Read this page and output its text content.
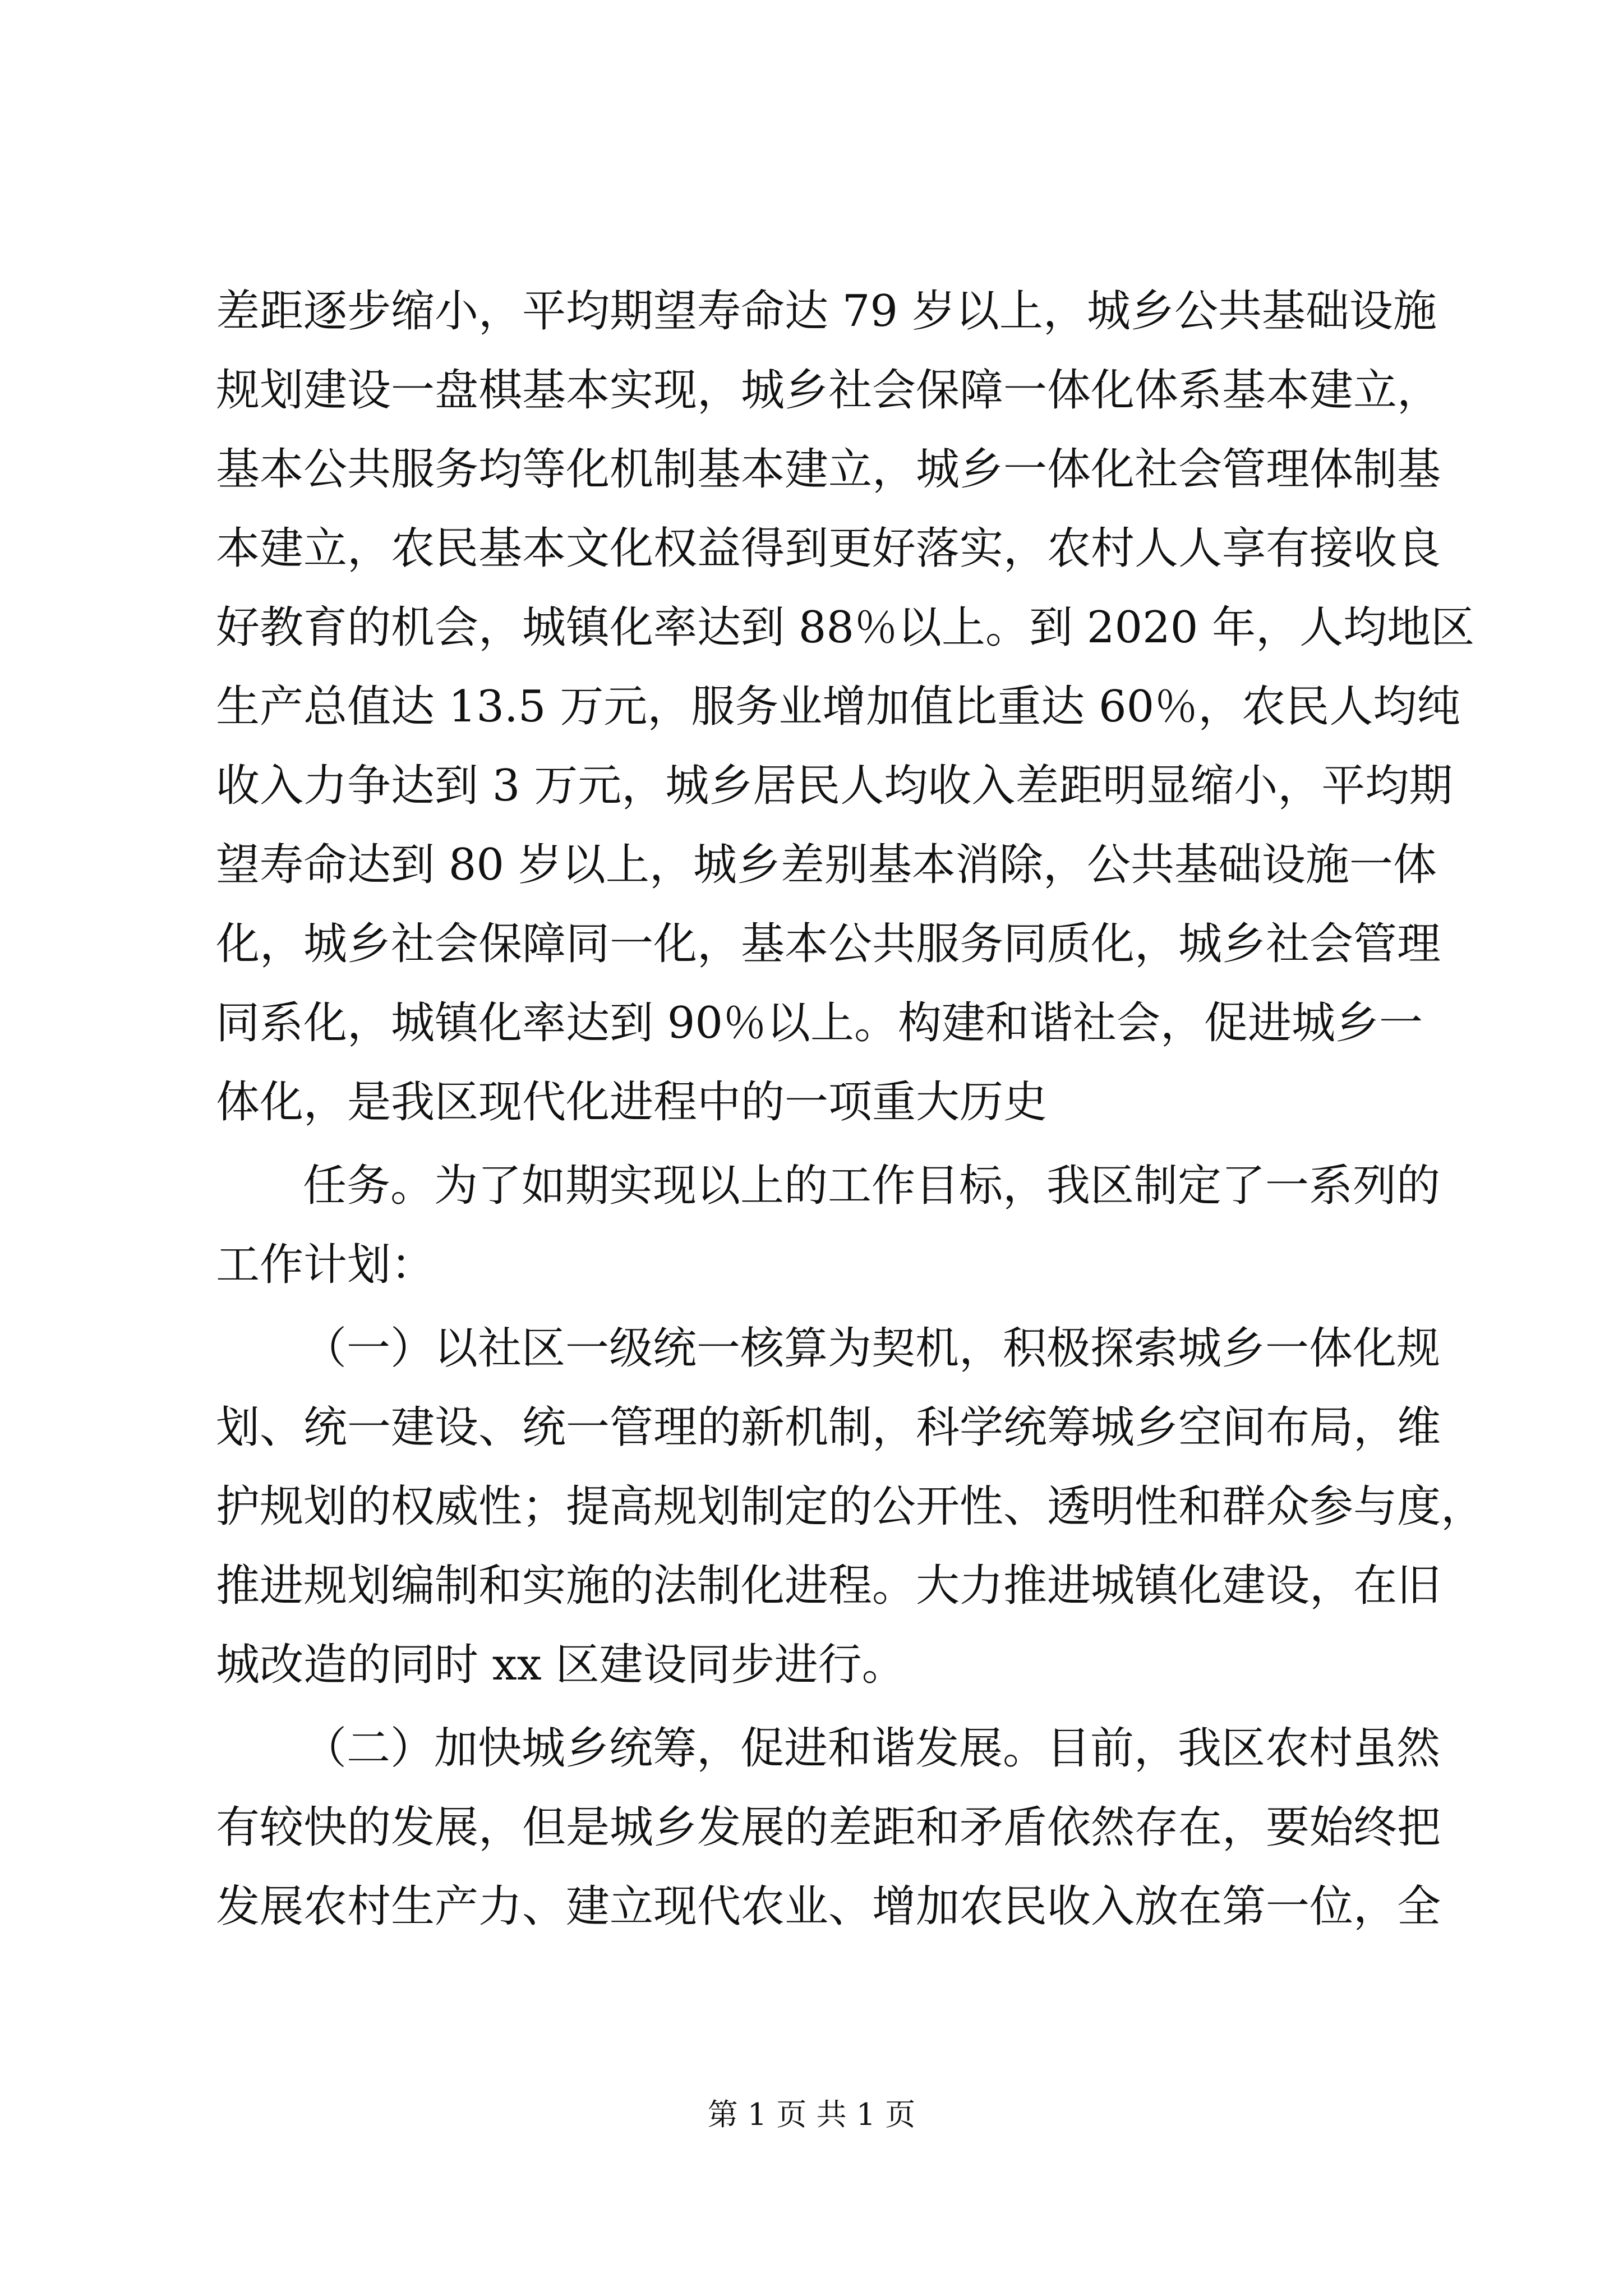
差距逐步缩小，平均期望寿命达 79 岁以上，城乡公共基础设施
规划建设一盘棋基本实现，城乡社会保障一体化体系基本建立，
基本公共服务均等化机制基本建立，城乡一体化社会管理体制基
本建立，农民基本文化权益得到更好落实，农村人人享有接收良
好教育的机会，城镇化率达到 88％以上。到 2020 年，人均地区
生产总值达 13.5 万元，服务业增加值比重达 60％，农民人均纯
收入力争达到 3 万元，城乡居民人均收入差距明显缩小，平均期
望寿命达到 80 岁以上，城乡差别基本消除，公共基础设施一体
化，城乡社会保障同一化，基本公共服务同质化，城乡社会管理
同系化，城镇化率达到 90％以上。构建和谐社会，促进城乡一
体化，是我区现代化进程中的一项重大历史
任务。为了如期实现以上的工作目标，我区制定了一系列的
工作计划：
（一）以社区一级统一核算为契机，积极探索城乡一体化规
划、统一建设、统一管理的新机制，科学统筹城乡空间布局，维
护规划的权威性；提高规划制定的公开性、透明性和群众参与度，
推进规划编制和实施的法制化进程。大力推进城镇化建设，在旧
城改造的同时 xx 区建设同步进行。
（二）加快城乡统筹，促进和谐发展。目前，我区农村虽然
有较快的发展，但是城乡发展的差距和矛盾依然存在，要始终把
发展农村生产力、建立现代农业、增加农民收入放在第一位，全
第 1 页 共 1 页
